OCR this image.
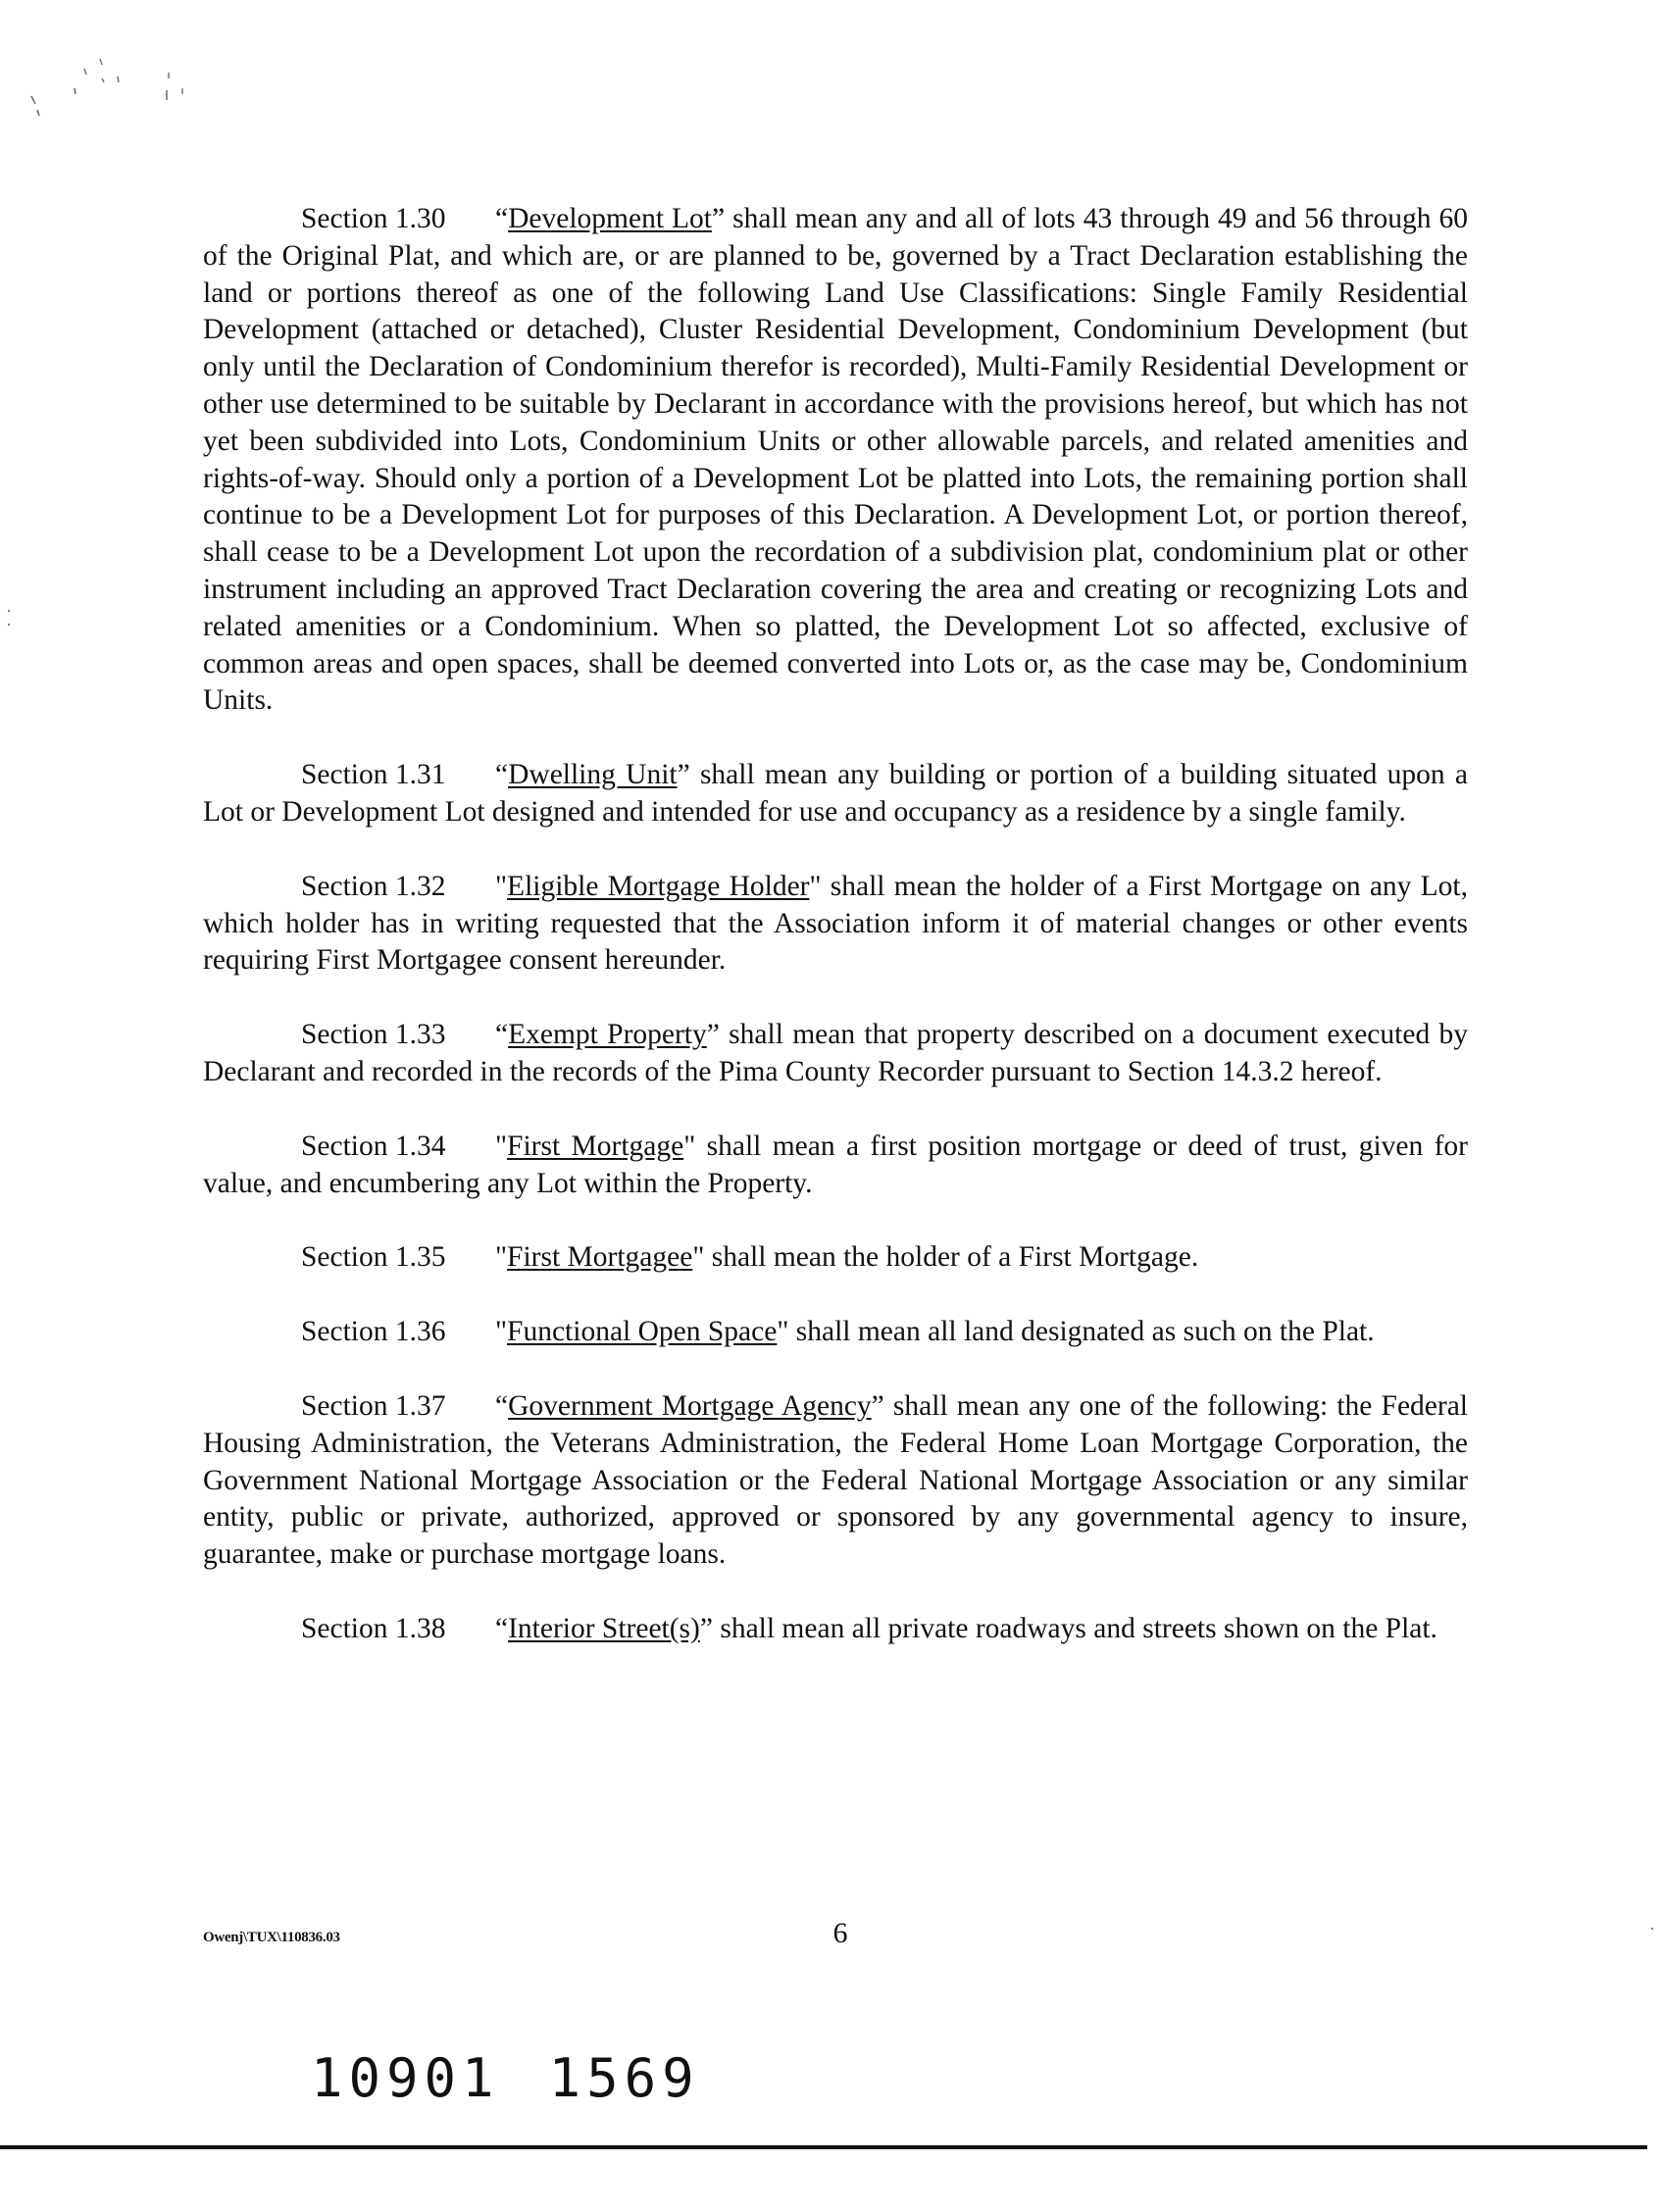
Section 1.30 “Development Lot” shall mean any and all of lots 43 through 49 and 56 through 60 of the Original Plat, and which are, or are planned to be, governed by a Tract Declaration establishing the land or portions thereof as one of the following Land Use Classifications: Single Family Residential Development (attached or detached), Cluster Residential Development, Condominium Development (but only until the Declaration of Condominium therefor is recorded), Multi-Family Residential Development or other use determined to be suitable by Declarant in accordance with the provisions hereof, but which has not yet been subdivided into Lots, Condominium Units or other allowable parcels, and related amenities and rights-of-way. Should only a portion of a Development Lot be platted into Lots, the remaining portion shall continue to be a Development Lot for purposes of this Declaration. A Development Lot, or portion thereof, shall cease to be a Development Lot upon the recordation of a subdivision plat, condominium plat or other instrument including an approved Tract Declaration covering the area and creating or recognizing Lots and related amenities or a Condominium. When so platted, the Development Lot so affected, exclusive of common areas and open spaces, shall be deemed converted into Lots or, as the case may be, Condominium Units.

Section 1.31 “Dwelling Unit” shall mean any building or portion of a building situated upon a Lot or Development Lot designed and intended for use and occupancy as a residence by a single family.

Section 1.32 "Eligible Mortgage Holder" shall mean the holder of a First Mortgage on any Lot, which holder has in writing requested that the Association inform it of material changes or other events requiring First Mortgagee consent hereunder.

Section 1.33 “Exempt Property” shall mean that property described on a document executed by Declarant and recorded in the records of the Pima County Recorder pursuant to Section 14.3.2 hereof.

Section 1.34 "First Mortgage" shall mean a first position mortgage or deed of trust, given for value, and encumbering any Lot within the Property.

Section 1.35 "First Mortgagee" shall mean the holder of a First Mortgage.

Section 1.36 "Functional Open Space" shall mean all land designated as such on the Plat.

Section 1.37 “Government Mortgage Agency” shall mean any one of the following: the Federal Housing Administration, the Veterans Administration, the Federal Home Loan Mortgage Corporation, the Government National Mortgage Association or the Federal National Mortgage Association or any similar entity, public or private, authorized, approved or sponsored by any governmental agency to insure, guarantee, make or purchase mortgage loans.

Section 1.38 “Interior Street(s)” shall mean all private roadways and streets shown on the Plat.

Owenj\TUX\110836.03	6
10901 1569
